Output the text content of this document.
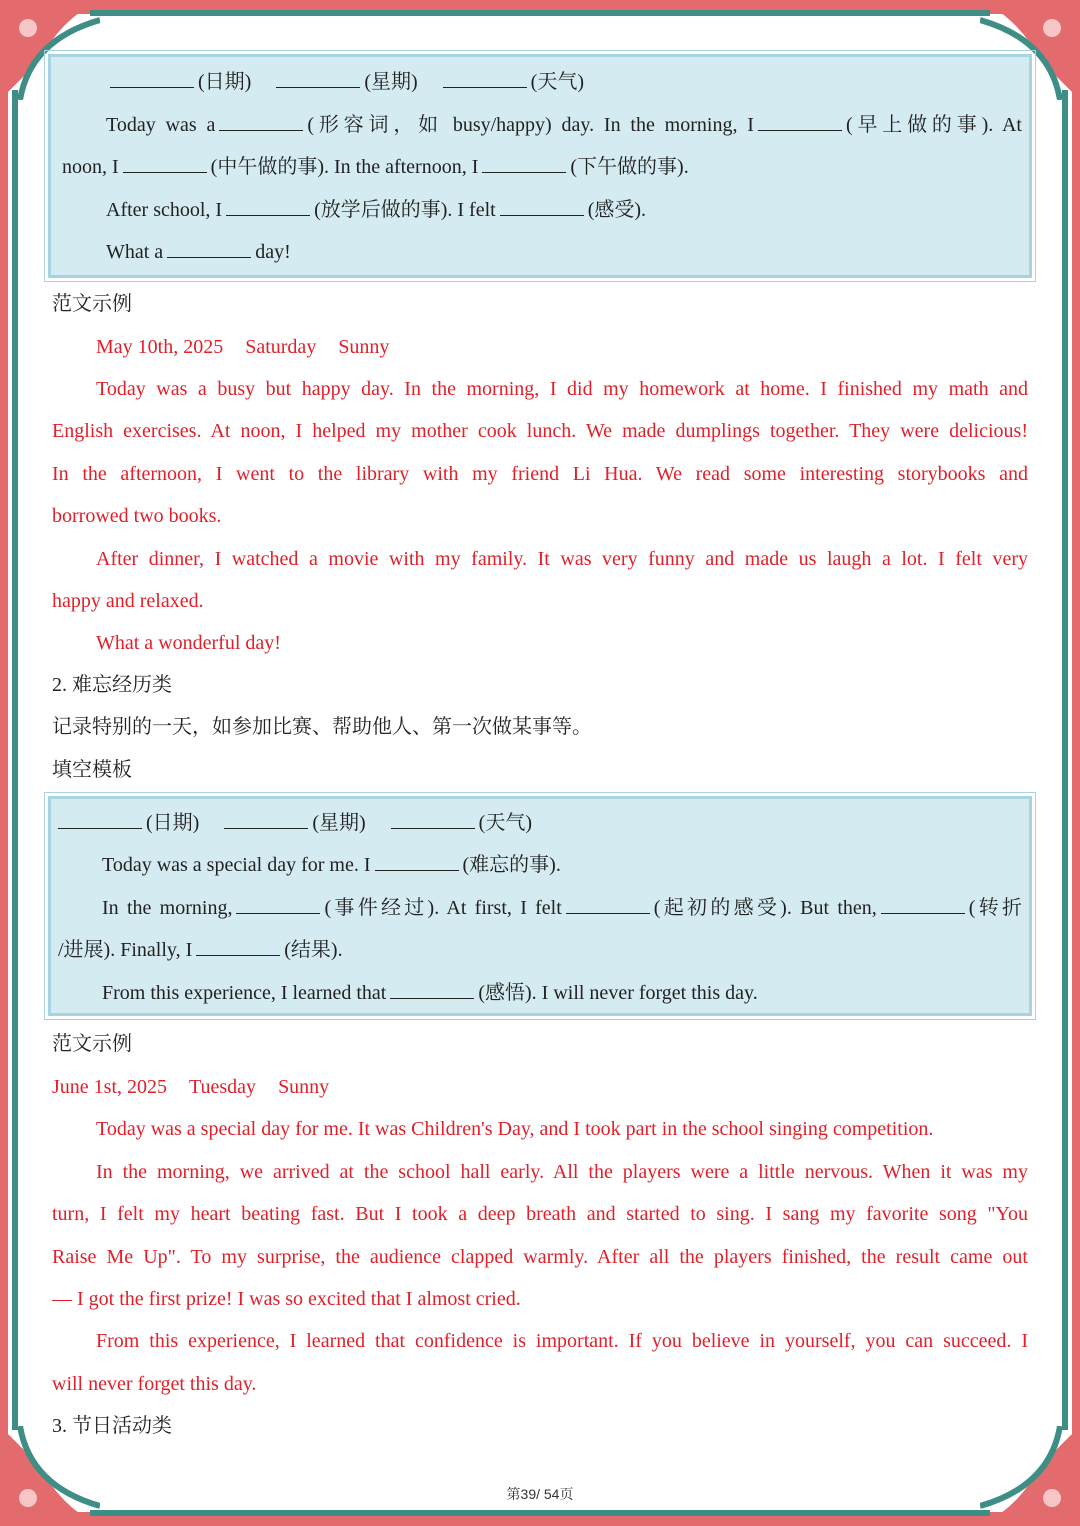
(日期)	(星期)	(天气)
Today was a	(形容词，如 busy/happy) day. In the morning, I	(早上做的事). At
noon, I	(中午做的事). In the afternoon, I	(下午做的事).
After school, I	(放学后做的事). I felt	(感受).
What a	day!
范文示例
May 10th, 2025 Saturday Sunny
Today was a busy but happy day. In the morning, I did my homework at home. I finished my math and
English exercises. At noon, I helped my mother cook lunch. We made dumplings together. They were delicious!
In the afternoon, I went to the library with my friend Li Hua. We read some interesting storybooks and
borrowed two books.
After dinner, I watched a movie with my family. It was very funny and made us laugh a lot. I felt very
happy and relaxed.
What a wonderful day!
2. 难忘经历类
记录特别的一天，如参加比赛、帮助他人、第一次做某事等。
填空模板
(日期)	(星期)	(天气)
Today was a special day for me. I	(难忘的事).
In the morning,	(事件经过). At first, I felt	(起初的感受). But then,	(转折
/进展). Finally, I	(结果).
From this experience, I learned that	(感悟). I will never forget this day.
范文示例
June 1st, 2025 Tuesday Sunny
Today was a special day for me. It was Children's Day, and I took part in the school singing competition.
In the morning, we arrived at the school hall early. All the players were a little nervous. When it was my
turn, I felt my heart beating fast. But I took a deep breath and started to sing. I sang my favorite song "You
Raise Me Up". To my surprise, the audience clapped warmly. After all the players finished, the result came out
— I got the first prize! I was so excited that I almost cried.
From this experience, I learned that confidence is important. If you believe in yourself, you can succeed. I
will never forget this day.
3. 节日活动类
第39/ 54页
